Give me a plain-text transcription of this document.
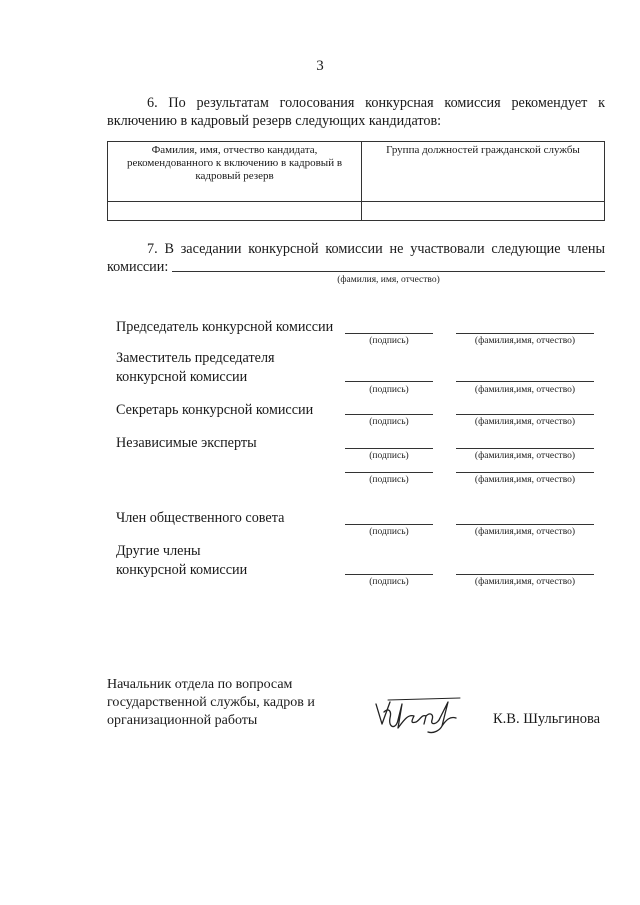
3

6. По результатам голосования конкурсная комиссия рекомендует к включению в кадровый резерв следующих кандидатов:

Фамилия, имя, отчество кандидата, рекомендованного к включению в кадровый в кадровый резерв	Группа должностей гражданской службы

7. В заседании конкурсной комиссии не участвовали следующие члены комиссии:

(фамилия, имя, отчество)
Председатель конкурсной комиссии
(подпись)	(фамилия,имя, отчество)
Заместитель председателя конкурсной комиссии
(подпись)	(фамилия,имя, отчество)
Секретарь конкурсной комиссии
(подпись)	(фамилия,имя, отчество)
Независимые эксперты
(подпись)	(фамилия,имя, отчество)
(подпись)	(фамилия,имя, отчество)
Член общественного совета
(подпись)	(фамилия,имя, отчество)
Другие члены конкурсной комиссии
(подпись)	(фамилия,имя, отчество)
Начальник отдела по вопросам государственной службы, кадров и организационной работы	К.В. Шульгинова
